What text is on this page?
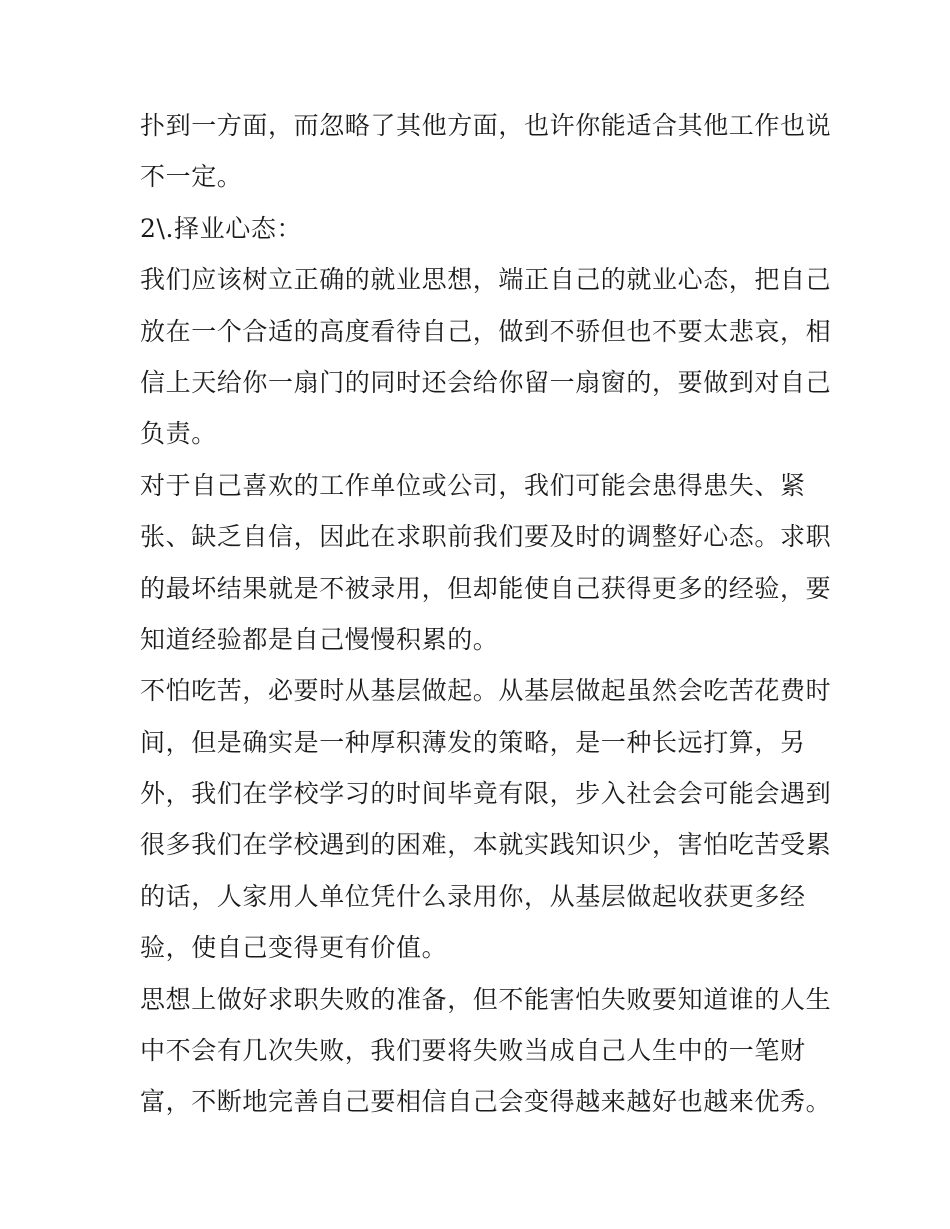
扑到一方面，而忽略了其他方面，也许你能适合其他工作也说
不一定。
2\.择业心态：
我们应该树立正确的就业思想，端正自己的就业心态，把自己
放在一个合适的高度看待自己，做到不骄但也不要太悲哀，相
信上天给你一扇门的同时还会给你留一扇窗的，要做到对自己
负责。
对于自己喜欢的工作单位或公司，我们可能会患得患失、紧
张、缺乏自信，因此在求职前我们要及时的调整好心态。求职
的最坏结果就是不被录用，但却能使自己获得更多的经验，要
知道经验都是自己慢慢积累的。
不怕吃苦，必要时从基层做起。从基层做起虽然会吃苦花费时
间，但是确实是一种厚积薄发的策略，是一种长远打算，另
外，我们在学校学习的时间毕竟有限，步入社会会可能会遇到
很多我们在学校遇到的困难，本就实践知识少，害怕吃苦受累
的话，人家用人单位凭什么录用你，从基层做起收获更多经
验，使自己变得更有价值。
思想上做好求职失败的准备，但不能害怕失败要知道谁的人生
中不会有几次失败，我们要将失败当成自己人生中的一笔财
富，不断地完善自己要相信自己会变得越来越好也越来优秀。
